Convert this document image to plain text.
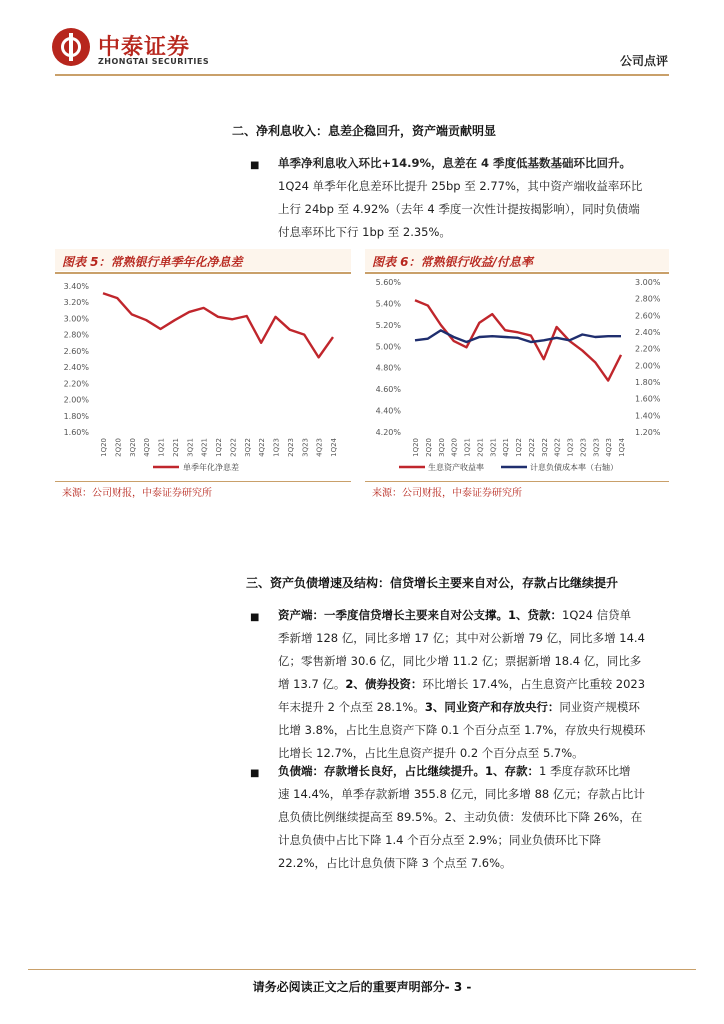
中泰证券
ZHONGTAI SECURITIES	公司点评
二、净利息收入：息差企稳回升，资产端贡献明显
■ 单季净利息收入环比+14.9%，息差在 4 季度低基数基础环比回升。
1Q24 单季年化息差环比提升 25bp 至 2.77%，其中资产端收益率环比
上行 24bp 至 4.92%（去年 4 季度一次性计提按揭影响），同时负债端
付息率环比下行 1bp 至 2.35%。
图表 5：常熟银行单季年化净息差
3.40%
3.20%
3.00%
2.80%
2.60%
2.40%
2.20%
2.00%
1.80%
1.60%
1Q20 2Q20 3Q20 4Q20 1Q21 2Q21 3Q21 4Q21 1Q22 2Q22 3Q22 4Q22 1Q23 2Q23 3Q23 4Q23 1Q24
单季年化净息差
来源：公司财报，中泰证券研究所
图表 6：常熟银行收益/付息率
5.60%
5.40%
5.20%
5.00%
4.80%
4.60%
4.40%
4.20%
3.00%
2.80%
2.60%
2.40%
2.20%
2.00%
1.80%
1.60%
1.40%
1.20%
1Q20 2Q20 3Q20 4Q20 1Q21 2Q21 3Q21 4Q21 1Q22 2Q22 3Q22 4Q22 1Q23 2Q23 3Q23 4Q23 1Q24
生息资产收益率	计息负债成本率（右轴）
来源：公司财报，中泰证券研究所
三、资产负债增速及结构：信贷增长主要来自对公，存款占比继续提升
■ 资产端：一季度信贷增长主要来自对公支撑。1、贷款：1Q24 信贷单
季新增 128 亿，同比多增 17 亿；其中对公新增 79 亿，同比多增 14.4
亿；零售新增 30.6 亿，同比少增 11.2 亿；票据新增 18.4 亿，同比多
增 13.7 亿。2、债券投资：环比增长 17.4%，占生息资产比重较 2023
年末提升 2 个点至 28.1%。3、同业资产和存放央行：同业资产规模环
比增 3.8%，占比生息资产下降 0.1 个百分点至 1.7%，存放央行规模环
比增长 12.7%，占比生息资产提升 0.2 个百分点至 5.7%。
■ 负债端：存款增长良好，占比继续提升。1、存款：1 季度存款环比增
速 14.4%，单季存款新增 355.8 亿元，同比多增 88 亿元；存款占比计
息负债比例继续提高至 89.5%。2、主动负债：发债环比下降 26%，在
计息负债中占比下降 1.4 个百分点至 2.9%；同业负债环比下降
22.2%，占比计息负债下降 3 个点至 7.6%。
请务必阅读正文之后的重要声明部分- 3 -
